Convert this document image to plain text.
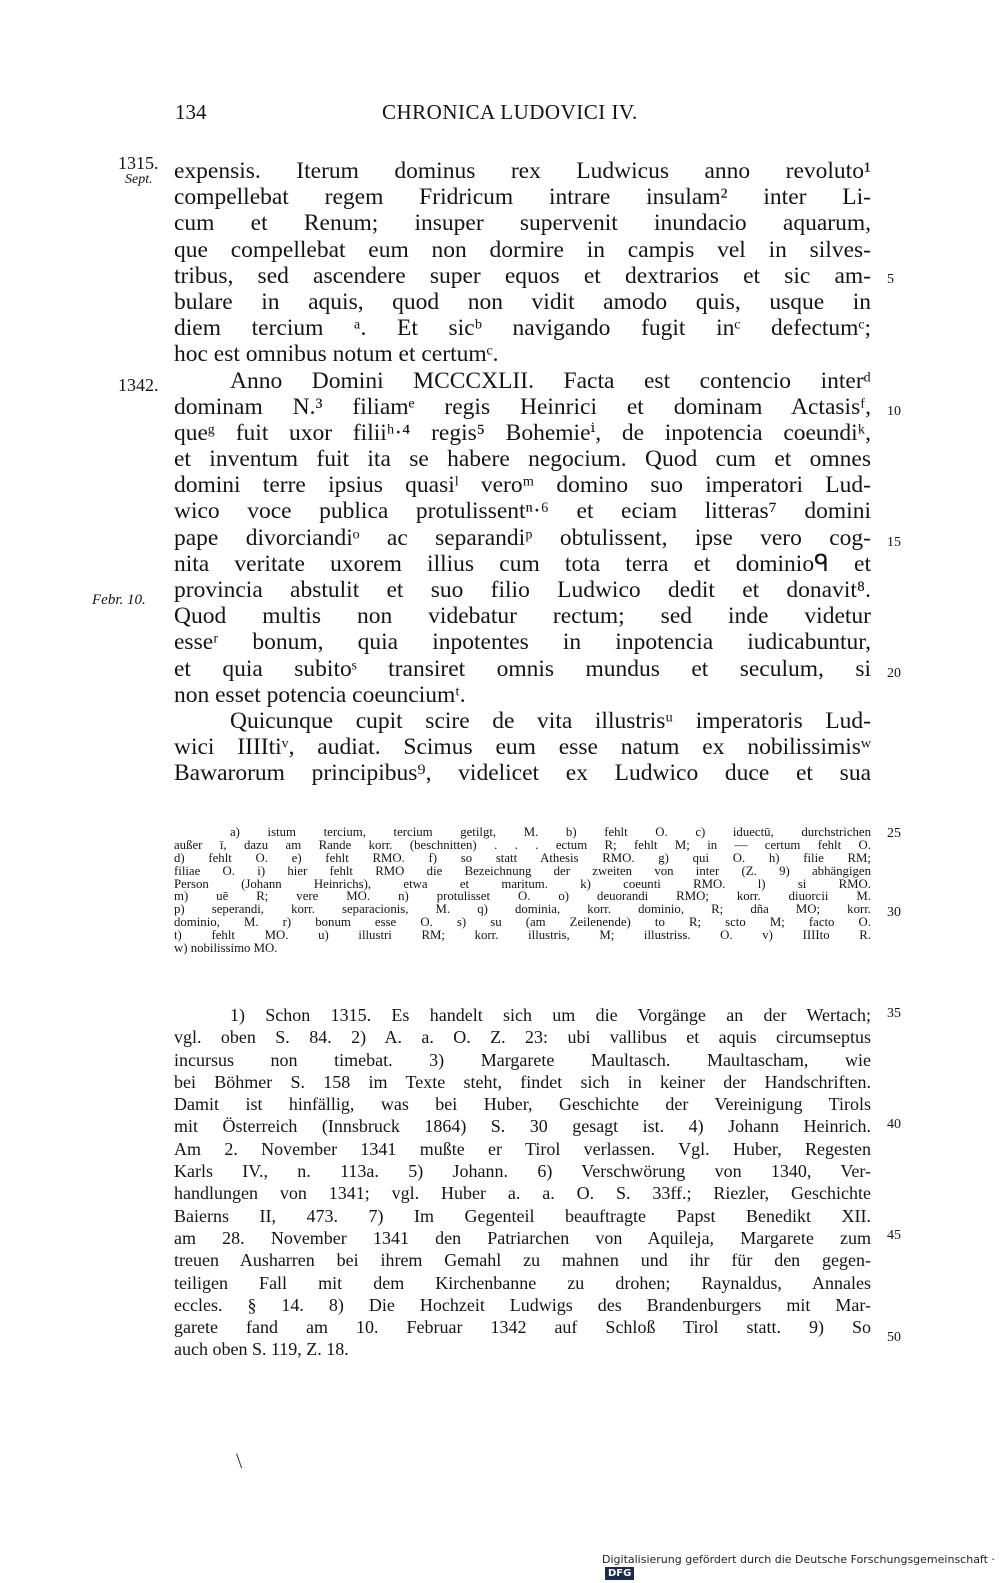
134	CHRONICA LUDOVICI IV.
1315.
Sept.
1342.
Febr. 10.
5
10
15
20
25
30
35
40
45
50
expensis. Iterum dominus rex Ludwicus anno revoluto¹
compellebat regem Fridricum intrare insulam² inter Li-
cum et Renum; insuper supervenit inundacio aquarum,
que compellebat eum non dormire in campis vel in silves-
tribus, sed ascendere super equos et dextrarios et sic am-
bulare in aquis, quod non vidit amodo quis, usque in
diem tercium ᵃ. Et sicᵇ navigando fugit inᶜ defectumᶜ;
hoc est omnibus notum et certumᶜ.
Anno Domini MCCCXLII. Facta est contencio interᵈ
dominam N.³ filiamᵉ regis Heinrici et dominam Actasisᶠ,
queᵍ fuit uxor filiiʰ·⁴ regis⁵ Bohemieⁱ, de inpotencia coeundiᵏ,
et inventum fuit ita se habere negocium. Quod cum et omnes
domini terre ipsius quasiˡ veroᵐ domino suo imperatori Lud-
wico voce publica protulissentⁿ·⁶ et eciam litteras⁷ domini
pape divorciandiᵒ ac separandiᵖ obtulissent, ipse vero cog-
nita veritate uxorem illius cum tota terra et dominioᑫ et
provincia abstulit et suo filio Ludwico dedit et donavit⁸.
Quod multis non videbatur rectum; sed inde videtur
esseʳ bonum, quia inpotentes in inpotencia iudicabuntur,
et quia subitoˢ transiret omnis mundus et seculum, si
non esset potencia coeunciumᵗ.
Quicunque cupit scire de vita illustrisᵘ imperatoris Lud-
wici IIIItiᵛ, audiat. Scimus eum esse natum ex nobilissimisʷ
Bawarorum principibus⁹, videlicet ex Ludwico duce et sua
a) istum tercium, tercium getilgt, M. b) fehlt O. c) iduectū, durchstrichen
außer ī, dazu am Rande korr. (beschnitten) . . . ectum R; fehlt M; in — certum fehlt O.
d) fehlt O. e) fehlt RMO. f) so statt Athesis RMO. g) qui O. h) filie RM;
filiae O. i) hier fehlt RMO die Bezeichnung der zweiten von inter (Z. 9) abhängigen
Person (Johann Heinrichs), etwa et maritum. k) coeunti RMO. l) si RMO.
m) uē R; vere MO. n) protulisset O. o) deuorandi RMO; korr. diuorcii M.
p) seperandi, korr. separacionis, M. q) dominia, korr. dominio, R; dña MO; korr.
dominio, M. r) bonum esse O. s) su (am Zeilenende) to R; scto M; facto O.
t) fehlt MO. u) illustri RM; korr. illustris, M; illustriss. O. v) IIIIto R.
w) nobilissimo MO.
1) Schon 1315. Es handelt sich um die Vorgänge an der Wertach;
vgl. oben S. 84. 2) A. a. O. Z. 23: ubi vallibus et aquis circumseptus
incursus non timebat. 3) Margarete Maultasch. Maultascham, wie
bei Böhmer S. 158 im Texte steht, findet sich in keiner der Handschriften.
Damit ist hinfällig, was bei Huber, Geschichte der Vereinigung Tirols
mit Österreich (Innsbruck 1864) S. 30 gesagt ist. 4) Johann Heinrich.
Am 2. November 1341 mußte er Tirol verlassen. Vgl. Huber, Regesten
Karls IV., n. 113a. 5) Johann. 6) Verschwörung von 1340, Ver-
handlungen von 1341; vgl. Huber a. a. O. S. 33ff.; Riezler, Geschichte
Baierns II, 473. 7) Im Gegenteil beauftragte Papst Benedikt XII.
am 28. November 1341 den Patriarchen von Aquileja, Margarete zum
treuen Ausharren bei ihrem Gemahl zu mahnen und ihr für den gegen-
teiligen Fall mit dem Kirchenbanne zu drohen; Raynaldus, Annales
eccles. § 14. 8) Die Hochzeit Ludwigs des Brandenburgers mit Mar-
garete fand am 10. Februar 1342 auf Schloß Tirol statt. 9) So
auch oben S. 119, Z. 18.
\
Digitalisierung gefördert durch die Deutsche Forschungsgemeinschaft ·DFG
